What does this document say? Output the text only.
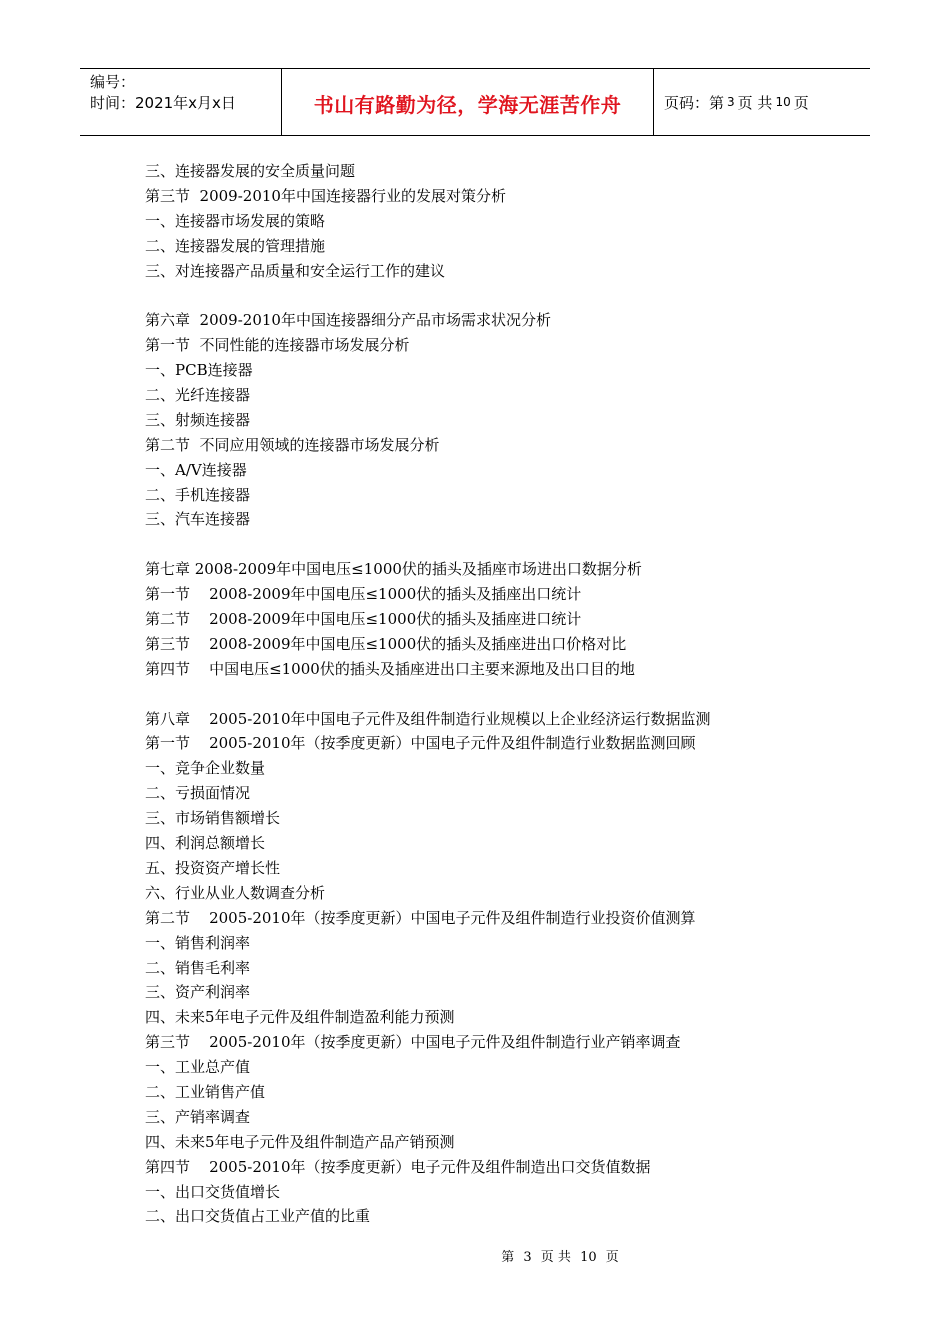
编号：
时间：2021年x月x日	书山有路勤为径，学海无涯苦作舟	页码：第 3 页 共 10 页
三、连接器发展的安全质量问题
第三节  2009-2010年中国连接器行业的发展对策分析
一、连接器市场发展的策略
二、连接器发展的管理措施
三、对连接器产品质量和安全运行工作的建议
第六章  2009-2010年中国连接器细分产品市场需求状况分析
第一节  不同性能的连接器市场发展分析
一、PCB连接器
二、光纤连接器
三、射频连接器
第二节  不同应用领域的连接器市场发展分析
一、A/V连接器
二、手机连接器
三、汽车连接器
第七章 2008-2009年中国电压≤1000伏的插头及插座市场进出口数据分析
第一节    2008-2009年中国电压≤1000伏的插头及插座出口统计
第二节    2008-2009年中国电压≤1000伏的插头及插座进口统计
第三节    2008-2009年中国电压≤1000伏的插头及插座进出口价格对比
第四节    中国电压≤1000伏的插头及插座进出口主要来源地及出口目的地
第八章    2005-2010年中国电子元件及组件制造行业规模以上企业经济运行数据监测
第一节    2005-2010年（按季度更新）中国电子元件及组件制造行业数据监测回顾
一、竞争企业数量
二、亏损面情况
三、市场销售额增长
四、利润总额增长
五、投资资产增长性
六、行业从业人数调查分析
第二节    2005-2010年（按季度更新）中国电子元件及组件制造行业投资价值测算
一、销售利润率
二、销售毛利率
三、资产利润率
四、未来5年电子元件及组件制造盈利能力预测
第三节    2005-2010年（按季度更新）中国电子元件及组件制造行业产销率调查
一、工业总产值
二、工业销售产值
三、产销率调查
四、未来5年电子元件及组件制造产品产销预测
第四节    2005-2010年（按季度更新）电子元件及组件制造出口交货值数据
一、出口交货值增长
二、出口交货值占工业产值的比重
第 3 页 共 10 页
